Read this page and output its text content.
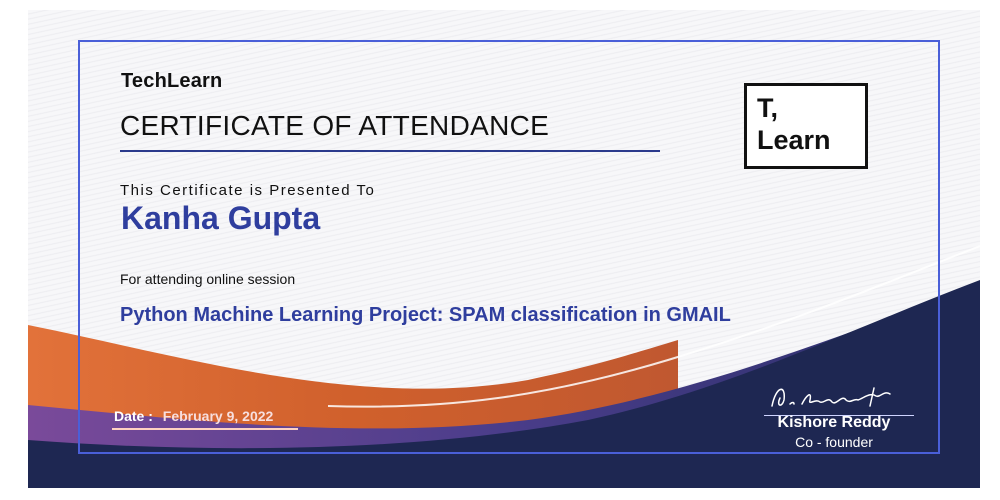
TechLearn
CERTIFICATE OF ATTENDANCE
T,
Learn
This Certificate is Presented To
Kanha Gupta
For attending online session
Python Machine Learning Project: SPAM classification in GMAIL
Date : February 9, 2022	Kishore Reddy
Co - founder
